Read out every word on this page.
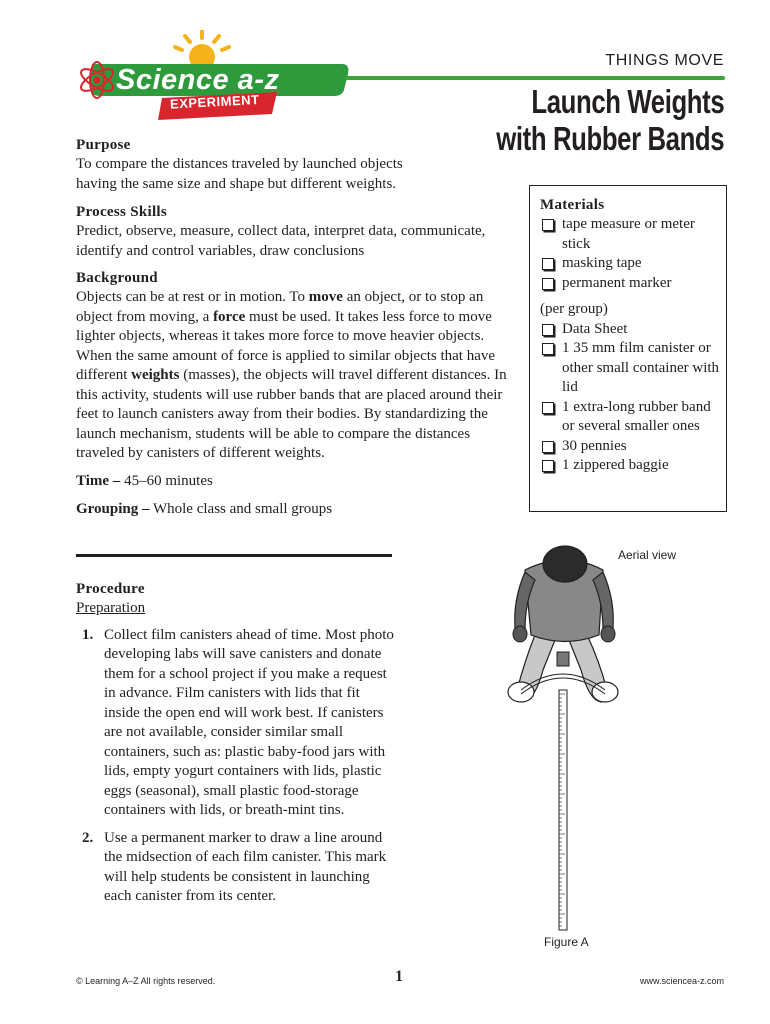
Science a-z
EXPERIMENT
THINGS MOVE
Launch Weights
with Rubber Bands
Purpose
To compare the distances traveled by launched objects having the same size and shape but different weights.
Process Skills
Predict, observe, measure, collect data, interpret data, communicate, identify and control variables, draw conclusions
Background
Objects can be at rest or in motion. To move an object, or to stop an object from moving, a force must be used. It takes less force to move lighter objects, whereas it takes more force to move heavier objects. When the same amount of force is applied to similar objects that have different weights (masses), the objects will travel different distances. In this activity, students will use rubber bands that are placed around their feet to launch canisters away from their bodies. By standardizing the launch mechanism, students will be able to compare the distances traveled by canisters of different weights.
Time – 45–60 minutes
Grouping – Whole class and small groups
Procedure
Preparation
1. Collect film canisters ahead of time. Most photo developing labs will save canisters and donate them for a school project if you make a request in advance. Film canisters with lids that fit inside the open end will work best. If canisters are not available, consider similar small containers, such as: plastic baby-food jars with lids, empty yogurt containers with lids, plastic eggs (seasonal), small plastic food-storage containers with lids, or breath-mint tins.
2. Use a permanent marker to draw a line around the midsection of each film canister. This mark will help students be consistent in launching each canister from its center.
Materials
tape measure or meter stick
masking tape
permanent marker
(per group)
Data Sheet
1 35 mm film canister or other small container with lid
1 extra-long rubber band or several smaller ones
30 pennies
1 zippered baggie
Aerial view
Figure A
© Learning A–Z All rights reserved.	1	www.sciencea-z.com
